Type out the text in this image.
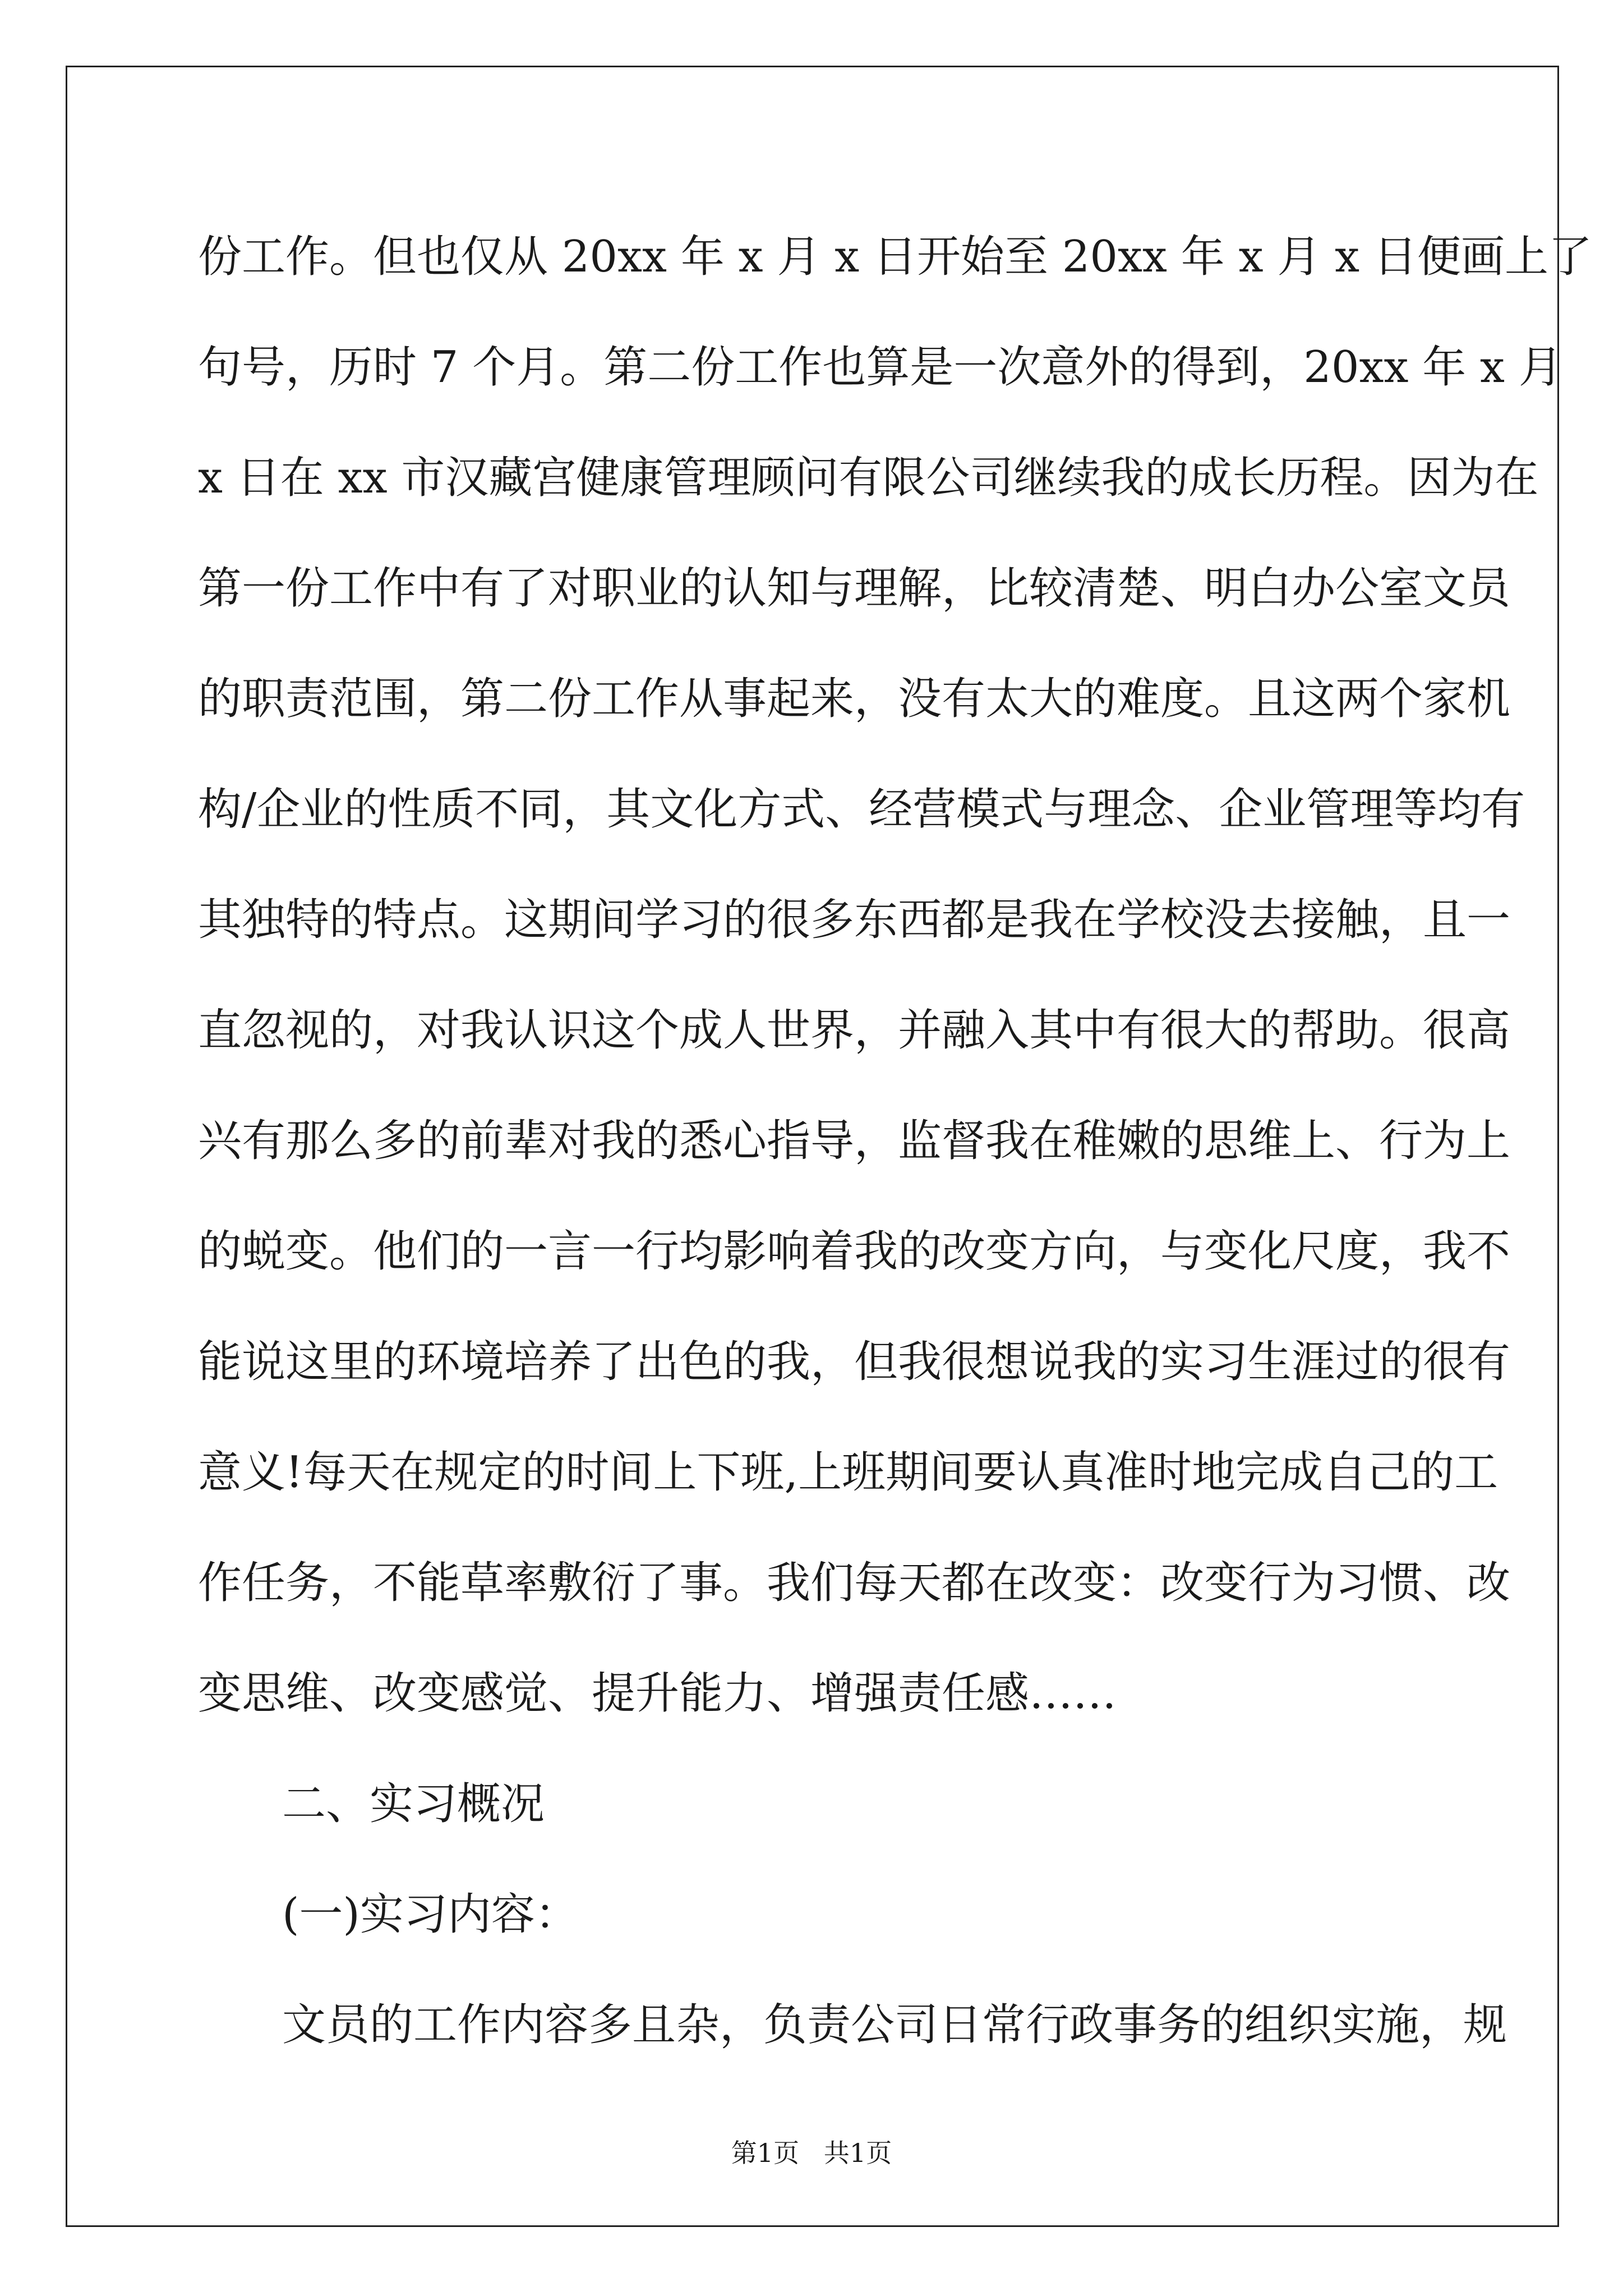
份工作。但也仅从 20xx 年 x 月 x 日开始至 20xx 年 x 月 x 日便画上了
句号，历时 7 个月。第二份工作也算是一次意外的得到，20xx 年 x 月
x 日在 xx 市汉藏宫健康管理顾问有限公司继续我的成长历程。因为在
第一份工作中有了对职业的认知与理解，比较清楚、明白办公室文员
的职责范围，第二份工作从事起来，没有太大的难度。且这两个家机
构/企业的性质不同，其文化方式、经营模式与理念、企业管理等均有
其独特的特点。这期间学习的很多东西都是我在学校没去接触，且一
直忽视的，对我认识这个成人世界，并融入其中有很大的帮助。很高
兴有那么多的前辈对我的悉心指导，监督我在稚嫩的思维上、行为上
的蜕变。他们的一言一行均影响着我的改变方向，与变化尺度，我不
能说这里的环境培养了出色的我，但我很想说我的实习生涯过的很有
意义!每天在规定的时间上下班,上班期间要认真准时地完成自己的工
作任务，不能草率敷衍了事。我们每天都在改变：改变行为习惯、改
变思维、改变感觉、提升能力、增强责任感……
二、实习概况
(一)实习内容：
文员的工作内容多且杂，负责公司日常行政事务的组织实施，规
第1页   共1页
